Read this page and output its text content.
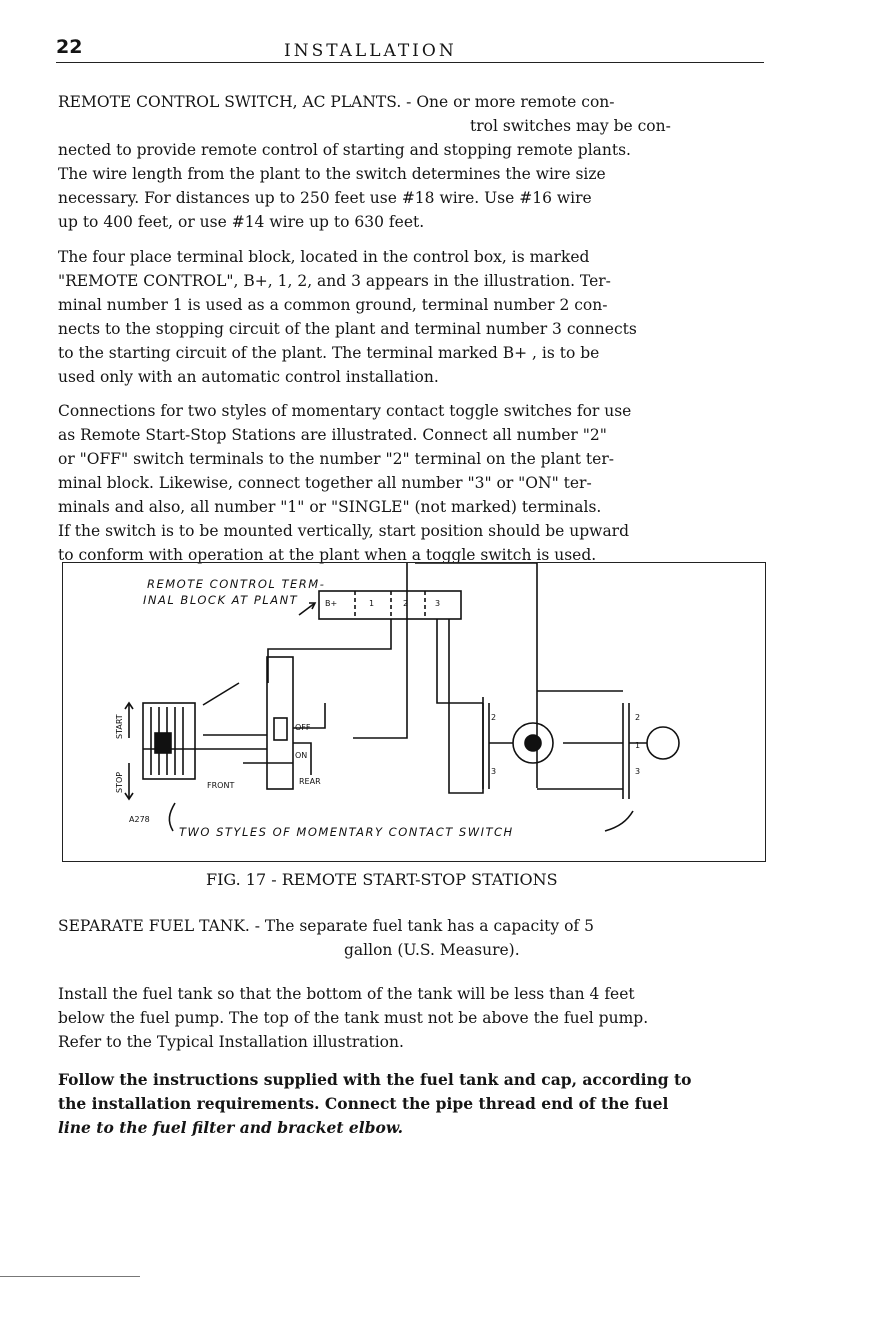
22	INSTALLATION

REMOTE CONTROL SWITCH, AC PLANTS. - One or more remote con-
trol switches may be con-
nected to provide remote control of starting and stopping remote plants.
The wire length from the plant to the switch determines the wire size
necessary. For distances up to 250 feet use #18 wire. Use #16 wire
up to 400 feet, or use #14 wire up to 630 feet.

The four place terminal block, located in the control box, is marked
"REMOTE CONTROL", B+, 1, 2, and 3 appears in the illustration. Ter-
minal number 1 is used as a common ground, terminal number 2 con-
nects to the stopping circuit of the plant and terminal number 3 connects
to the starting circuit of the plant. The terminal marked B+ , is to be
used only with an automatic control installation.

Connections for two styles of momentary contact toggle switches for use
as Remote Start-Stop Stations are illustrated. Connect all number "2"
or "OFF" switch terminals to the number "2" terminal on the plant ter-
minal block. Likewise, connect together all number "3" or "ON" ter-
minals and also, all number "1" or "SINGLE" (not marked) terminals.
If the switch is to be mounted vertically, start position should be upward
to conform with operation at the plant when a toggle switch is used.

REMOTE CONTROL TERM-
INAL BLOCK AT PLANT	B+	1	2	3
START
STOP	FRONT	REAR
OFF
ON
A278
2
3
2
1
3
TWO STYLES OF MOMENTARY CONTACT SWITCH
FIG. 17 - REMOTE START-STOP STATIONS

SEPARATE FUEL TANK. - The separate fuel tank has a capacity of 5
gallon (U.S. Measure).

Install the fuel tank so that the bottom of the tank will be less than 4 feet
below the fuel pump. The top of the tank must not be above the fuel pump.
Refer to the Typical Installation illustration.

Follow the instructions supplied with the fuel tank and cap, according to
the installation requirements. Connect the pipe thread end of the fuel
line to the fuel filter and bracket elbow.
